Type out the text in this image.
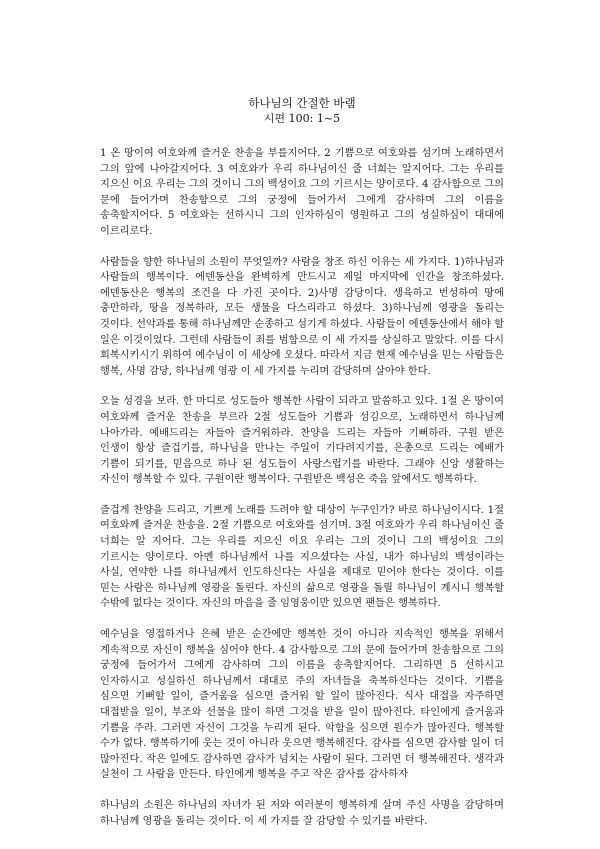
하나님의 간절한 바램
시편 100: 1~5

1 온 땅이여 여호와께 즐거운 찬송을 부를지어다. 2 기쁨으로 여호와를 섬기며 노래하면서 그의 앞에 나아갈지어다. 3 여호와가 우리 하나님이신 줄 너희는 알지어다. 그는 우리를 지으신 이요 우리는 그의 것이니 그의 백성이요 그의 기르시는 양이로다. 4 감사함으로 그의 문에 들어가며 찬송함으로 그의 궁정에 들어가서 그에게 감사하며 그의 이름을 송축할지어다. 5 여호와는 선하시니 그의 인자하심이 영원하고 그의 성실하심이 대대에 이르리로다.

사람들을 향한 하나님의 소원이 무엇일까? 사람을 창조 하신 이유는 세 가지다. 1)하나님과 사람들의 행복이다. 에덴동산을 완벽하게 만드시고 제일 마지막에 인간을 창조하셨다. 에덴동산은 행복의 조건을 다 가진 곳이다. 2)사명 감당이다. 생육하고 번성하여 땅에 충만하라, 땅을 정복하라, 모든 생물을 다스리라고 하셨다. 3)하나님께 영광을 돌리는 것이다. 선악과를 통해 하나님께만 순종하고 섬기게 하셨다. 사람들이 에덴동산에서 해야 할 일은 이것이었다. 그런데 사람들이 죄를 범함으로 이 세 가지를 상실하고 말았다. 이를 다시 회복시키시기 위하여 예수님이 이 세상에 오셨다. 따라서 지금 현재 예수님을 믿는 사람들은 행복, 사명 감당, 하나님께 영광 이 세 가지를 누리며 감당하며 살아야 한다.

오늘 성경을 보라. 한 마디로 성도들아 행복한 사람이 되라고 말씀하고 있다. 1절 온 땅이여 여호와께 즐거운 찬송을 부르라 2절 성도들아 기쁨과 섬김으로, 노래하면서 하나님께 나아가라. 예배드리는 자들아 즐거워하라. 찬양을 드리는 자들아 기뻐하라. 구원 받은 인생이 항상 즐겁기를, 하나님을 만나는 주일이 기다려지기를, 은총으로 드리는 예배가 기쁨이 되기를, 믿음으로 하나 된 성도들이 사랑스럽기를 바란다. 그래야 신앙 생활하는 자신이 행복할 수 있다. 구원이란 행복이다. 구원받은 백성은 죽음 앞에서도 행복하다.

즐겁게 찬양을 드리고, 기쁘게 노래를 드려야 할 대상이 누구인가? 바로 하나님이시다. 1절 여호와께 즐거운 찬송을. 2절 기쁨으로 여호와를 섬기며. 3절 여호와가 우리 하나님이신 줄 너희는 알 지어다. 그는 우리를 지으신 이요 우리는 그의 것이니 그의 백성이요 그의 기르시는 양이로다. 아멘 하나님께서 나를 지으셨다는 사실, 내가 하나님의 백성이라는 사실, 연약한 나를 하나님께서 인도하신다는 사실을 제대로 믿어야 한다는 것이다. 이를 믿는 사람은 하나님께 영광을 돌린다. 자신의 삶으로 영광을 돌릴 하나님이 계시니 행복할 수밖에 없다는 것이다. 자신의 마음을 줄 임영웅이만 있으면 팬들은 행복하다.

예수님을 영접하거나 은혜 받은 순간에만 행복한 것이 아니라 지속적인 행복을 위해서 계속적으로 자신이 행복을 심어야 한다. 4 감사함으로 그의 문에 들어가며 찬송함으로 그의 궁정에 들어가서 그에게 감사하며 그의 이름을 송축할지어다. 그리하면 5 선하시고 인자하시고 성실하신 하나님께서 대대로 주의 자녀들을 축복하신다는 것이다. 기쁨을 심으면 기뻐할 일이, 즐거움을 심으면 즐거워 할 일이 많아진다. 식사 대접을 자주하면 대접받을 일이, 부조와 선물을 많이 하면 그것을 받을 일이 많아진다. 타인에게 즐거움과 기쁨을 주라. 그러면 자신이 그것을 누리게 된다. 악함을 심으면 원수가 많아진다. 행복할 수가 없다. 행복하기에 웃는 것이 아니라 웃으면 행복해진다. 감사를 심으면 감사할 일이 더 많아진다. 작은 일에도 감사하면 감사가 넘치는 사람이 된다. 그러면 더 행복해진다. 생각과 실천이 그 사람을 만든다. 타인에게 행복을 주고 작은 감사를 감사하자

하나님의 소원은 하나님의 자녀가 된 저와 여러분이 행복하게 살며 주신 사명을 감당하며 하나님께 영광을 돌리는 것이다. 이 세 가지를 잘 감당할 수 있기를 바란다.
